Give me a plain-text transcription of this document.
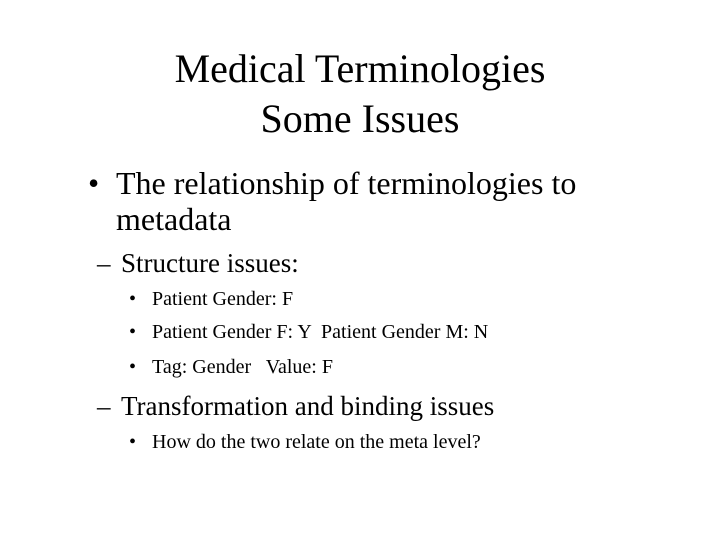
Medical Terminologies
Some Issues
• The relationship of terminologies to metadata
– Structure issues:
• Patient Gender: F
• Patient Gender F: Y  Patient Gender M: N
• Tag: Gender   Value: F
– Transformation and binding issues
• How do the two relate on the meta level?
